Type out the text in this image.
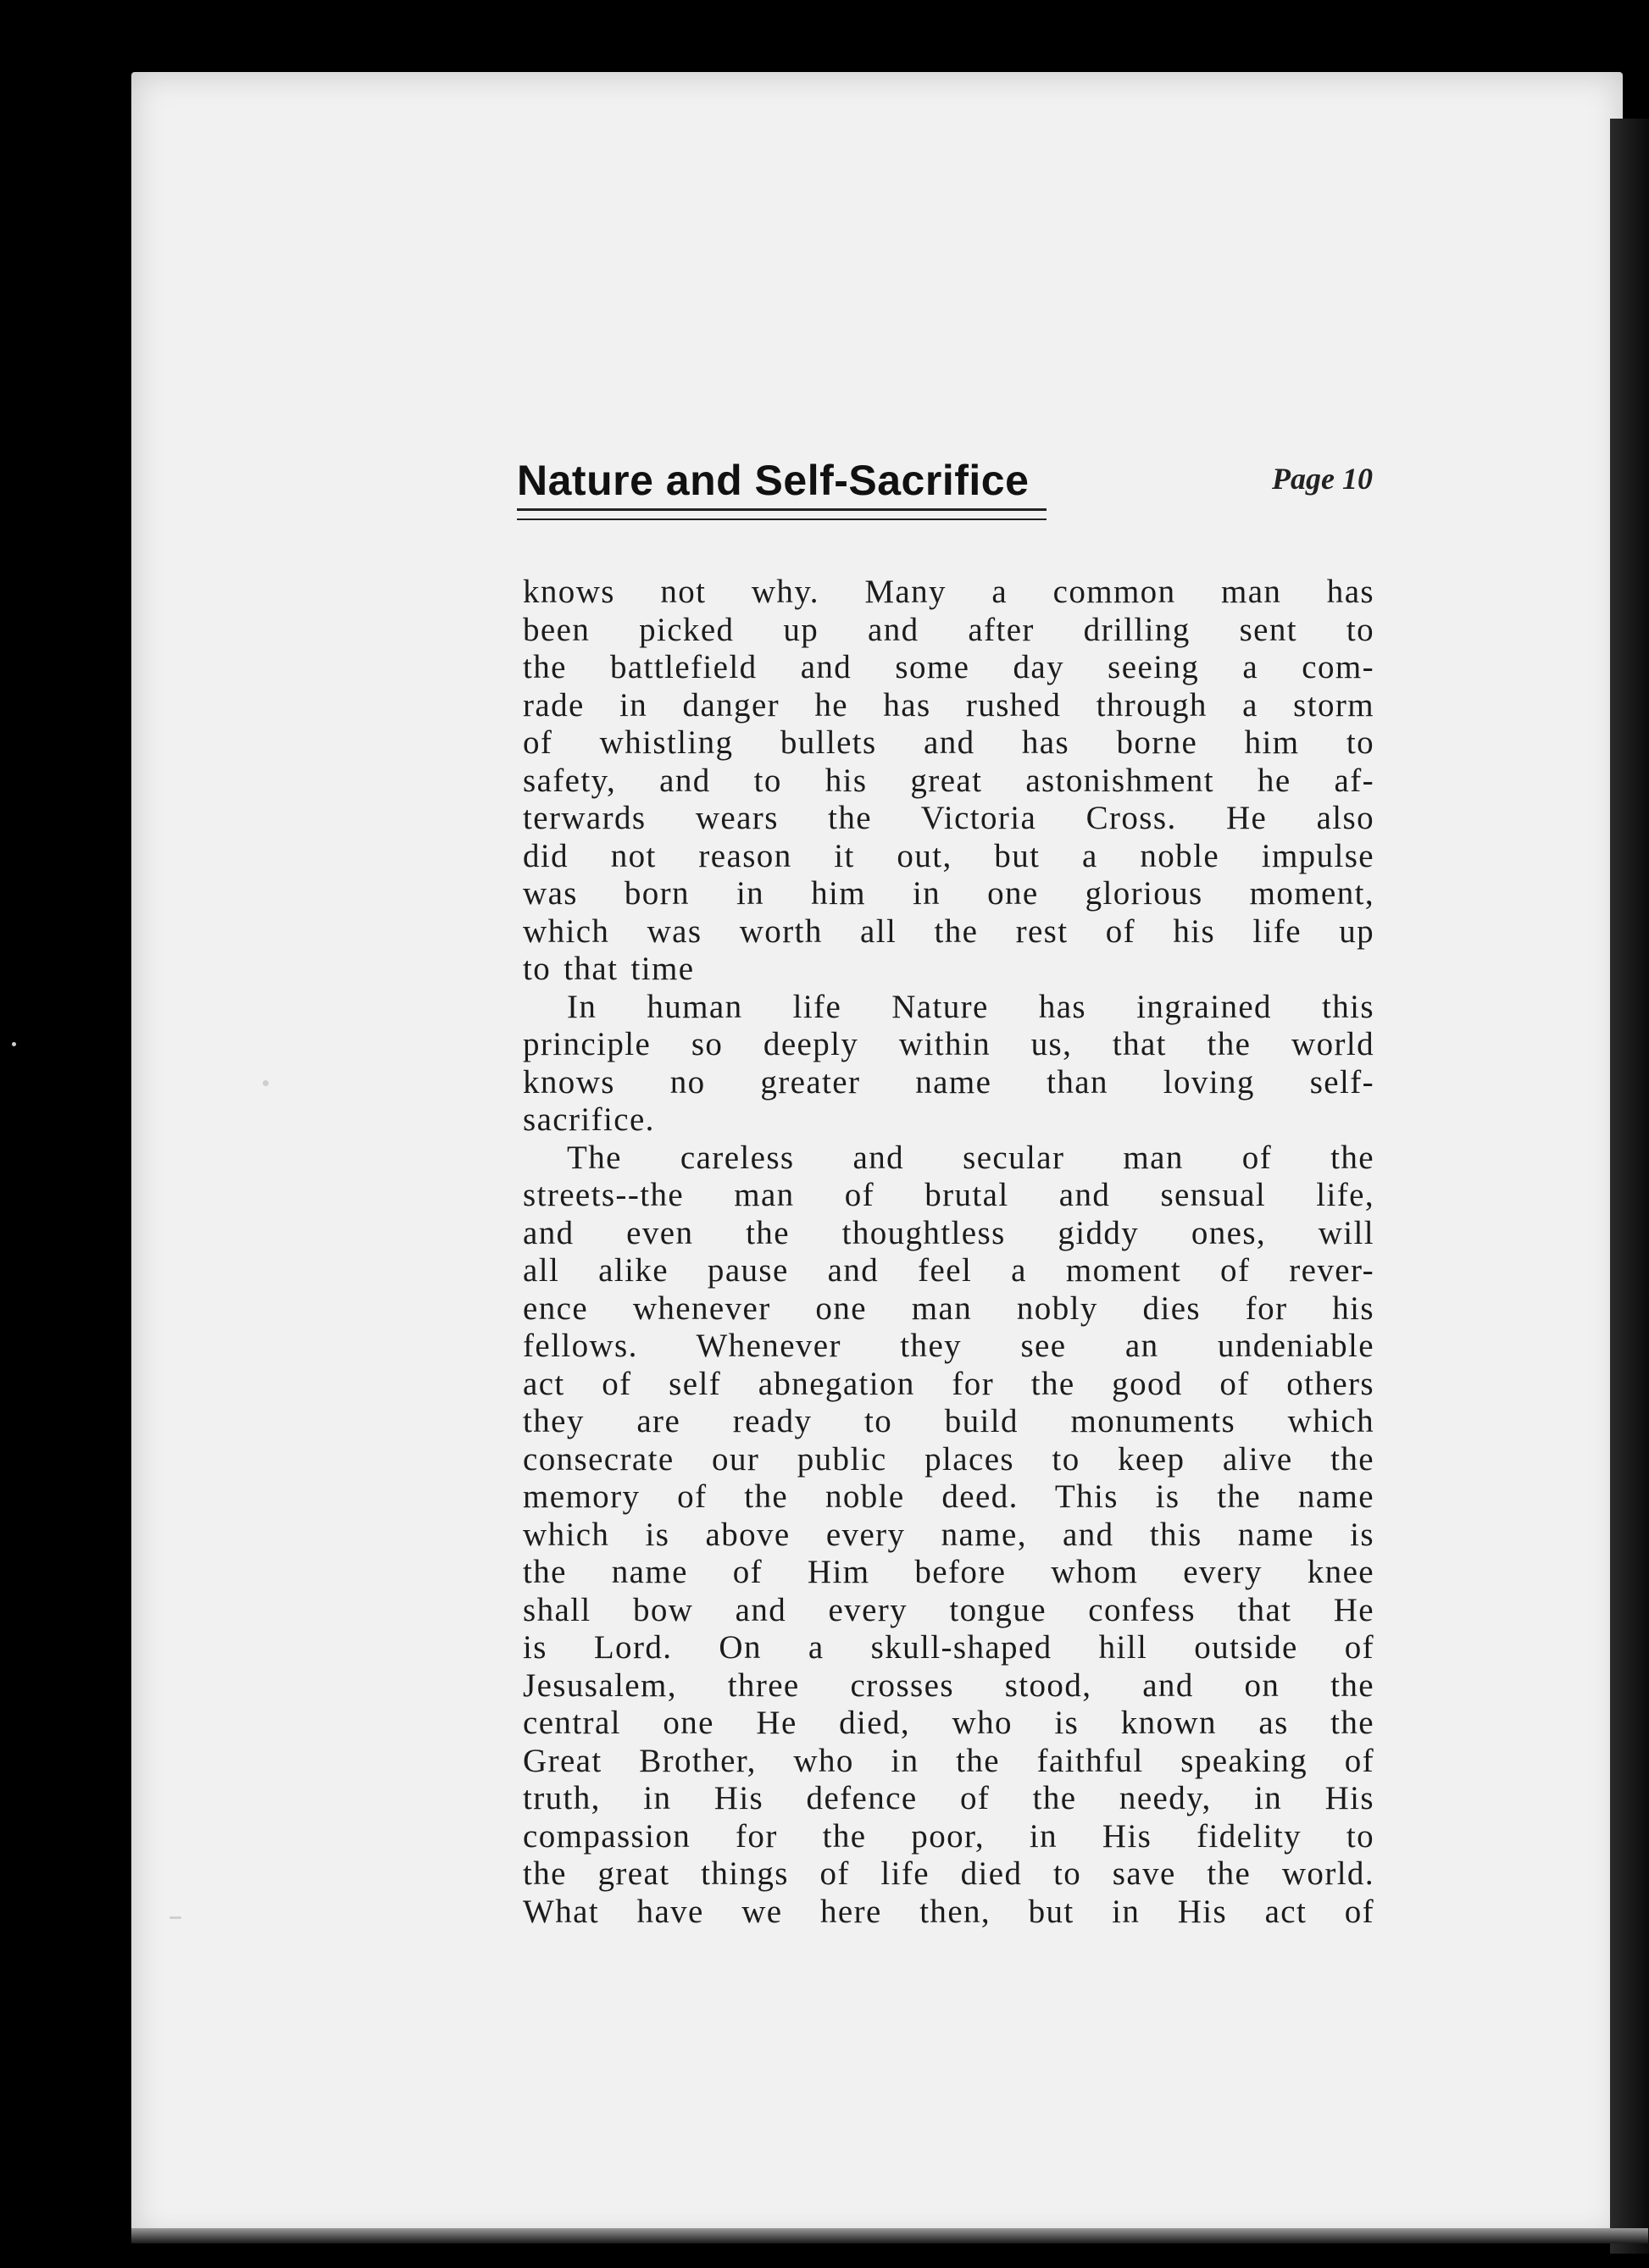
Nature and Self-Sacrifice	Page 10
knows not why. Many a common man has
been picked up and after drilling sent to
the battlefield and some day seeing a com-
rade in danger he has rushed through a storm
of whistling bullets and has borne him to
safety, and to his great astonishment he af-
terwards wears the Victoria Cross. He also
did not reason it out, but a noble impulse
was born in him in one glorious moment,
which was worth all the rest of his life up
to that time
In human life Nature has ingrained this
principle so deeply within us, that the world
knows no greater name than loving self-
sacrifice.
The careless and secular man of the
streets--the man of brutal and sensual life,
and even the thoughtless giddy ones, will
all alike pause and feel a moment of rever-
ence whenever one man nobly dies for his
fellows. Whenever they see an undeniable
act of self abnegation for the good of others
they are ready to build monuments which
consecrate our public places to keep alive the
memory of the noble deed. This is the name
which is above every name, and this name is
the name of Him before whom every knee
shall bow and every tongue confess that He
is Lord. On a skull-shaped hill outside of
Jesusalem, three crosses stood, and on the
central one He died, who is known as the
Great Brother, who in the faithful speaking of
truth, in His defence of the needy, in His
compassion for the poor, in His fidelity to
the great things of life died to save the world.
What have we here then, but in His act of
